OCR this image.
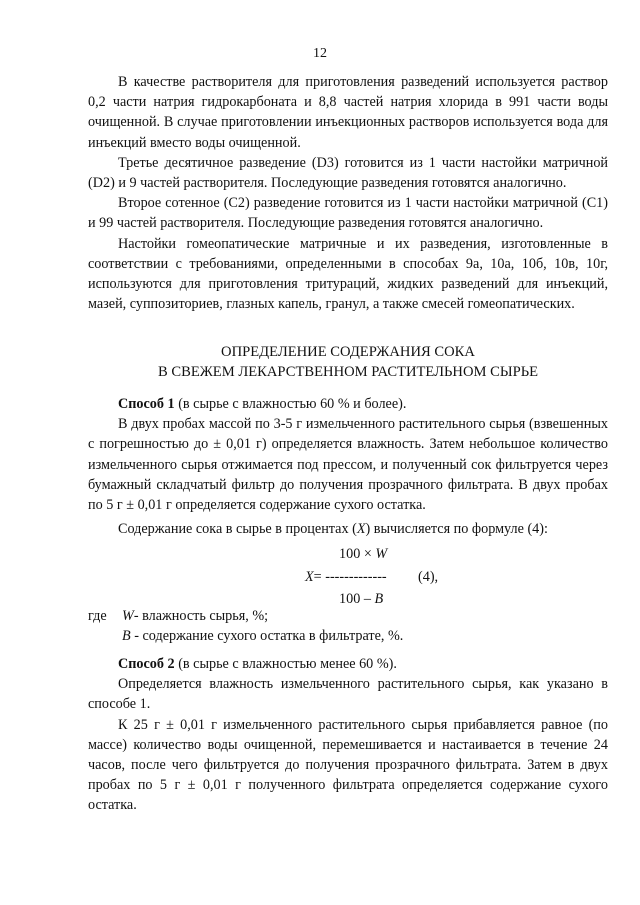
12

В качестве растворителя для приготовления разведений используется раствор 0,2 части натрия гидрокарбоната и 8,8 частей натрия хлорида в 991 части воды очищенной. В случае приготовлении инъекционных растворов используется вода для инъекций вместо воды очищенной.

Третье десятичное разведение (D3) готовится из 1 части настойки матричной (D2) и 9 частей растворителя. Последующие разведения готовятся аналогично.

Второе сотенное (С2) разведение готовится из 1 части настойки матричной (С1) и 99 частей растворителя. Последующие разведения готовятся аналогично.

Настойки гомеопатические матричные и их разведения, изготовленные в соответствии с требованиями, определенными в способах 9а, 10а, 10б, 10в, 10г, используются для приготовления тритураций, жидких разведений для инъекций, мазей, суппозиториев, глазных капель, гранул, а также смесей гомеопатических.

ОПРЕДЕЛЕНИЕ СОДЕРЖАНИЯ СОКА
В СВЕЖЕМ ЛЕКАРСТВЕННОМ РАСТИТЕЛЬНОМ СЫРЬЕ

Способ 1 (в сырье с влажностью 60 % и более).

В двух пробах массой по 3-5 г измельченного растительного сырья (взвешенных с погрешностью до ± 0,01 г) определяется влажность. Затем небольшое количество измельченного сырья отжимается под прессом, и полученный сок фильтруется через бумажный складчатый фильтр до получения прозрачного фильтрата. В двух пробах по 5 г ± 0,01 г определяется содержание сухого остатка.

Содержание сока в сырье в процентах (X) вычисляется по формуле (4):

100 × W
X= ------------- (4),
100 – B
где W- влажность сырья, %;
B - содержание сухого остатка в фильтрате, %.

Способ 2 (в сырье с влажностью менее 60 %).

Определяется влажность измельченного растительного сырья, как указано в способе 1.

К 25 г ± 0,01 г измельченного растительного сырья прибавляется равное (по массе) количество воды очищенной, перемешивается и настаивается в течение 24 часов, после чего фильтруется до получения прозрачного фильтрата. Затем в двух пробах по 5 г ± 0,01 г полученного фильтрата определяется содержание сухого остатка.
